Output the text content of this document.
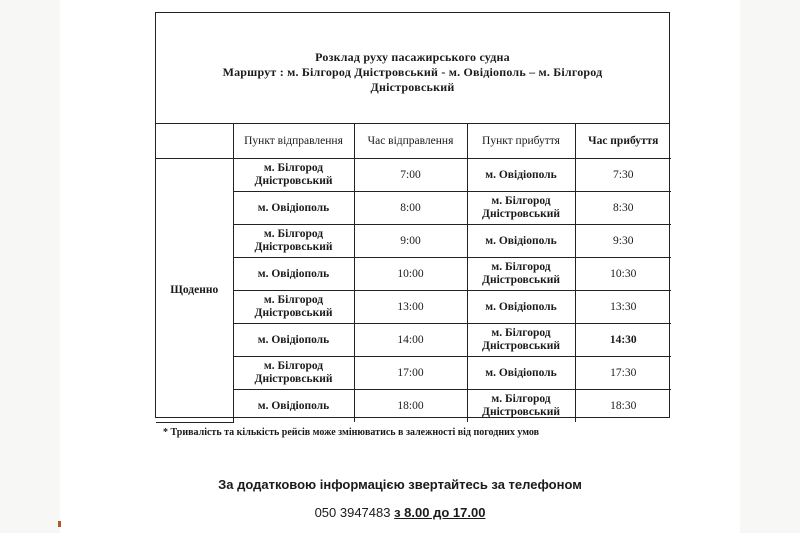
Розклад руху пасажирського судна
Маршрут : м. Білгород Дністровський - м. Овідіополь – м. Білгород
Дністровський
	Пункт відправлення	Час відправлення	Пункт прибуття	Час прибуття
Щоденно	м. Білгород Дністровський	7:00	м. Овідіополь	7:30
	м. Овідіополь	8:00	м. Білгород Дністровський	8:30
	м. Білгород Дністровський	9:00	м. Овідіополь	9:30
	м. Овідіополь	10:00	м. Білгород Дністровський	10:30
	м. Білгород Дністровський	13:00	м. Овідіополь	13:30
	м. Овідіополь	14:00	м. Білгород Дністровський	14:30
	м. Білгород Дністровський	17:00	м. Овідіополь	17:30
	м. Овідіополь	18:00	м. Білгород Дністровський	18:30
* Тривалість та кількість рейсів може змінюватись в залежності від погодних умов
За додатковою інформацією звертайтесь за телефоном
050 3947483 з 8.00 до 17.00
